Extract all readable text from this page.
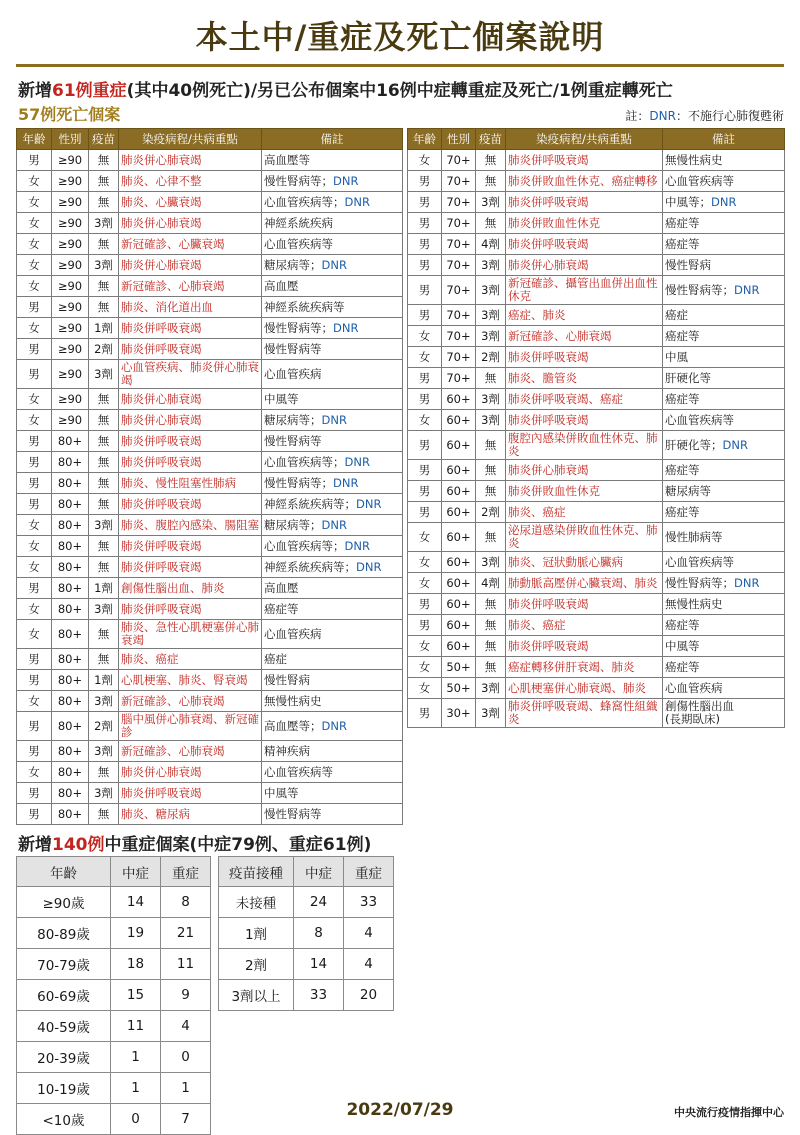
本土中/重症及死亡個案說明
新增61例重症(其中40例死亡)/另已公布個案中16例中症轉重症及死亡/1例重症轉死亡
57例死亡個案	註：DNR：不施行心肺復甦術
年齡	性別	疫苗	染疫病程/共病重點	備註
男	≥90	無	肺炎併心肺衰竭	高血壓等
女	≥90	無	肺炎、心律不整	慢性腎病等；DNR
女	≥90	無	肺炎、心臟衰竭	心血管疾病等；DNR
女	≥90	3劑	肺炎併心肺衰竭	神經系統疾病
女	≥90	無	新冠確診、心臟衰竭	心血管疾病等
女	≥90	3劑	肺炎併心肺衰竭	糖尿病等；DNR
女	≥90	無	新冠確診、心肺衰竭	高血壓
男	≥90	無	肺炎、消化道出血	神經系統疾病等
女	≥90	1劑	肺炎併呼吸衰竭	慢性腎病等；DNR
男	≥90	2劑	肺炎併呼吸衰竭	慢性腎病等
男	≥90	3劑	心血管疾病、肺炎併心肺衰竭	心血管疾病
女	≥90	無	肺炎併心肺衰竭	中風等
女	≥90	無	肺炎併心肺衰竭	糖尿病等；DNR
男	80+	無	肺炎併呼吸衰竭	慢性腎病等
男	80+	無	肺炎併呼吸衰竭	心血管疾病等；DNR
男	80+	無	肺炎、慢性阻塞性肺病	慢性腎病等；DNR
男	80+	無	肺炎併呼吸衰竭	神經系統疾病等；DNR
女	80+	3劑	肺炎、腹腔內感染、腸阻塞	糖尿病等；DNR
女	80+	無	肺炎併呼吸衰竭	心血管疾病等；DNR
女	80+	無	肺炎併呼吸衰竭	神經系統疾病等；DNR
男	80+	1劑	創傷性腦出血、肺炎	高血壓
女	80+	3劑	肺炎併呼吸衰竭	癌症等
女	80+	無	肺炎、急性心肌梗塞併心肺衰竭	心血管疾病
男	80+	無	肺炎、癌症	癌症
男	80+	1劑	心肌梗塞、肺炎、腎衰竭	慢性腎病
女	80+	3劑	新冠確診、心肺衰竭	無慢性病史
男	80+	2劑	腦中風併心肺衰竭、新冠確診	高血壓等；DNR
男	80+	3劑	新冠確診、心肺衰竭	精神疾病
女	80+	無	肺炎併心肺衰竭	心血管疾病等
男	80+	3劑	肺炎併呼吸衰竭	中風等
男	80+	無	肺炎、糖尿病	慢性腎病等
年齡	性別	疫苗	染疫病程/共病重點	備註
女	70+	無	肺炎併呼吸衰竭	無慢性病史
男	70+	無	肺炎併敗血性休克、癌症轉移	心血管疾病等
男	70+	3劑	肺炎併呼吸衰竭	中風等；DNR
男	70+	無	肺炎併敗血性休克	癌症等
男	70+	4劑	肺炎併呼吸衰竭	癌症等
男	70+	3劑	肺炎併心肺衰竭	慢性腎病
男	70+	3劑	新冠確診、攝管出血併出血性休克	慢性腎病等；DNR
男	70+	3劑	癌症、肺炎	癌症
女	70+	3劑	新冠確診、心肺衰竭	癌症等
女	70+	2劑	肺炎併呼吸衰竭	中風
男	70+	無	肺炎、膽管炎	肝硬化等
男	60+	3劑	肺炎併呼吸衰竭、癌症	癌症等
女	60+	3劑	肺炎併呼吸衰竭	心血管疾病等
男	60+	無	腹腔內感染併敗血性休克、肺炎	肝硬化等；DNR
男	60+	無	肺炎併心肺衰竭	癌症等
男	60+	無	肺炎併敗血性休克	糖尿病等
男	60+	2劑	肺炎、癌症	癌症等
女	60+	無	泌尿道感染併敗血性休克、肺炎	慢性肺病等
女	60+	3劑	肺炎、冠狀動脈心臟病	心血管疾病等
女	60+	4劑	肺動脈高壓併心臟衰竭、肺炎	慢性腎病等；DNR
男	60+	無	肺炎併呼吸衰竭	無慢性病史
男	60+	無	肺炎、癌症	癌症等
女	60+	無	肺炎併呼吸衰竭	中風等
女	50+	無	癌症轉移併肝衰竭、肺炎	癌症等
女	50+	3劑	心肌梗塞併心肺衰竭、肺炎	心血管疾病
男	30+	3劑	肺炎併呼吸衰竭、蜂窩性組織炎	創傷性腦出血
(長期臥床)
新增140例中重症個案(中症79例、重症61例)
年齡	中症	重症
≥90歲	14	8
80-89歲	19	21
70-79歲	18	11
60-69歲	15	9
40-59歲	11	4
20-39歲	1	0
10-19歲	1	1
<10歲	0	7
疫苗接種	中症	重症
未接種	24	33
1劑	8	4
2劑	14	4
3劑以上	33	20
2022/07/29	中央流行疫情指揮中心
